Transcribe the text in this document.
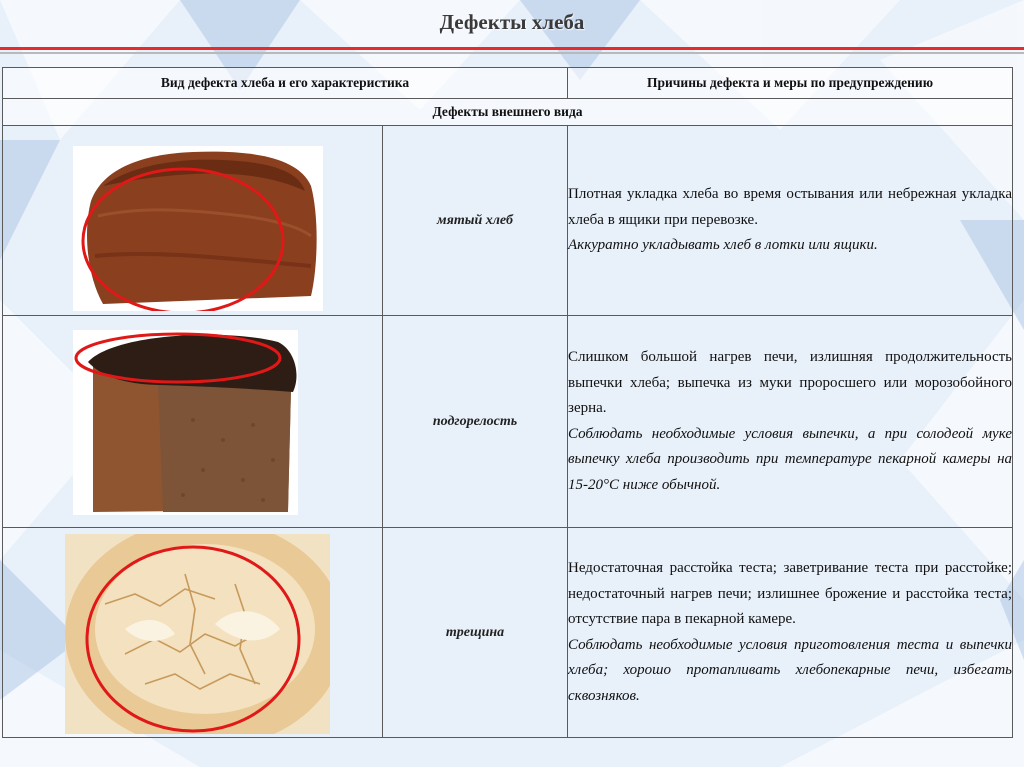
Дефекты хлеба
Вид дефекта хлеба и его характеристика		Причины дефекта и меры по предупреждению
Дефекты внешнего вида		

	мятый хлеб	Плотная укладка хлеба во время остывания или небрежная укладка хлеба в ящики при перевозке.

Аккуратно укладывать хлеб в лотки или ящики.

	подгорелость	Слишком большой нагрев печи, излишняя продолжительность выпечки хлеба; выпечка из муки проросшего или морозобойного зерна.

Соблюдать необходимые условия выпечки, а при солодеой муке выпечку хлеба производить при температуре пекарной камеры на 15-20°С ниже обычной.

	трещина	Недостаточная расстойка теста; заветривание теста при расстойке; недостаточный нагрев печи; излишнее брожение и расстойка теста; отсутствие пара в пекарной камере.

Соблюдать необходимые условия приготовления теста и выпечки хлеба; хорошо протапливать хлебопекарные печи, избегать сквозняков.
